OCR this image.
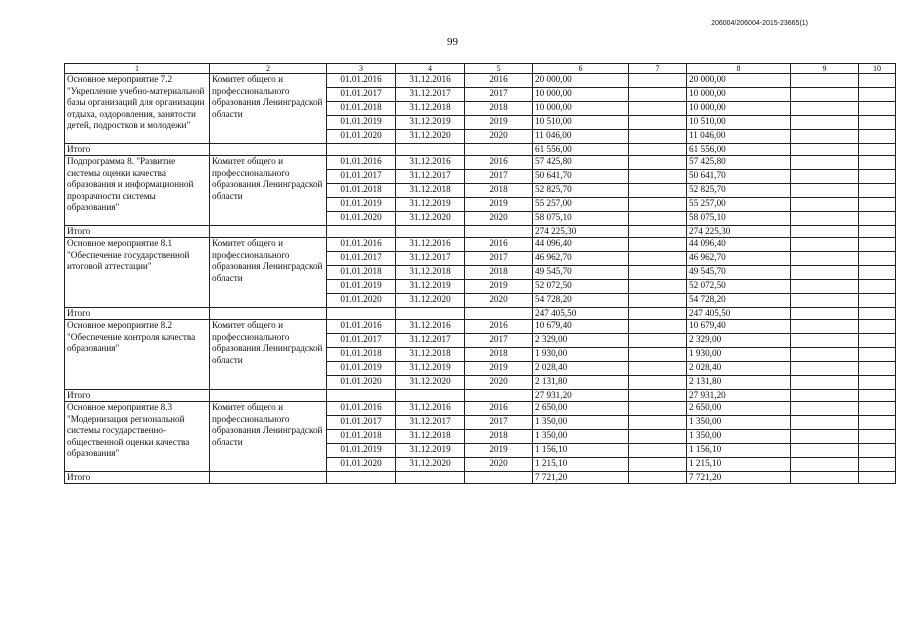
206004/206004-2015-23665(1)
99
1	2	3	4	5	6	7	8	9	10
Основное мероприятие 7.2 "Укрепление учебно-материальной базы организаций для организации отдыха, оздоровления, занятости детей, подростков и молодежи"	Комитет общего и профессионального образования Ленинградской области	01.01.2016	31.12.2016	2016	20 000,00		20 000,00		
		01.01.2017	31.12.2017	2017	10 000,00		10 000,00		
		01.01.2018	31.12.2018	2018	10 000,00		10 000,00		
		01.01.2019	31.12.2019	2019	10 510,00		10 510,00		
		01.01.2020	31.12.2020	2020	11 046,00		11 046,00		
Итого					61 556,00		61 556,00		
Подпрограмма 8. "Развитие системы оценки качества образования и информационной прозрачности системы образования"	Комитет общего и профессионального образования Ленинградской области	01.01.2016	31.12.2016	2016	57 425,80		57 425,80		
		01.01.2017	31.12.2017	2017	50 641,70		50 641,70		
		01.01.2018	31.12.2018	2018	52 825,70		52 825,70		
		01.01.2019	31.12.2019	2019	55 257,00		55 257,00		
		01.01.2020	31.12.2020	2020	58 075,10		58 075,10		
Итого					274 225,30		274 225,30		
Основное мероприятие 8.1 "Обеспечение государственной итоговой аттестации"	Комитет общего и профессионального образования Ленинградской области	01.01.2016	31.12.2016	2016	44 096,40		44 096,40		
		01.01.2017	31.12.2017	2017	46 962,70		46 962,70		
		01.01.2018	31.12.2018	2018	49 545,70		49 545,70		
		01.01.2019	31.12.2019	2019	52 072,50		52 072,50		
		01.01.2020	31.12.2020	2020	54 728,20		54 728,20		
Итого					247 405,50		247 405,50		
Основное мероприятие 8.2 "Обеспечение контроля качества образования"	Комитет общего и профессионального образования Ленинградской области	01.01.2016	31.12.2016	2016	10 679,40		10 679,40		
		01.01.2017	31.12.2017	2017	2 329,00		2 329,00		
		01.01.2018	31.12.2018	2018	1 930,00		1 930,00		
		01.01.2019	31.12.2019	2019	2 028,40		2 028,40		
		01.01.2020	31.12.2020	2020	2 131,80		2 131,80		
Итого					27 931,20		27 931,20		
Основное мероприятие 8.3 "Модернизация региональной системы государственно-общественной оценки качества образования"	Комитет общего и профессионального образования Ленинградской области	01.01.2016	31.12.2016	2016	2 650,00		2 650,00		
		01.01.2017	31.12.2017	2017	1 350,00		1 350,00		
		01.01.2018	31.12.2018	2018	1 350,00		1 350,00		
		01.01.2019	31.12.2019	2019	1 156,10		1 156,10		
		01.01.2020	31.12.2020	2020	1 215,10		1 215,10		
Итого					7 721,20		7 721,20		
